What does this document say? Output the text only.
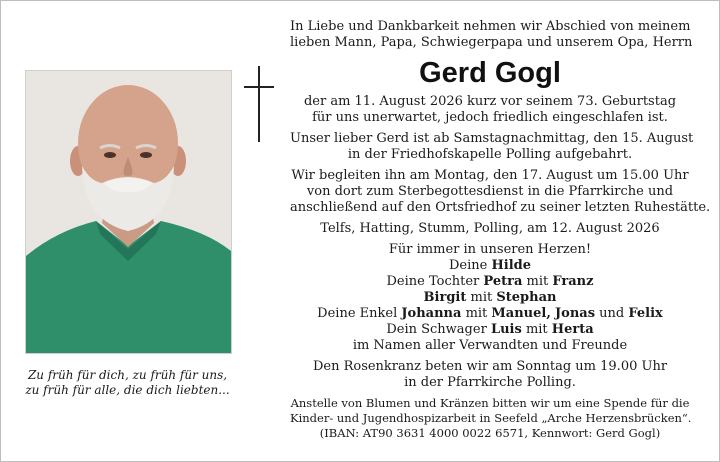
Zu früh für dich, zu früh für uns,
zu früh für alle, die dich liebten...
In Liebe und Dankbarkeit nehmen wir Abschied von meinem
lieben Mann, Papa, Schwiegerpapa und unserem Opa, Herrn
Gerd Gogl
der am 11. August 2026 kurz vor seinem 73. Geburtstag
für uns unerwartet, jedoch friedlich eingeschlafen ist.
Unser lieber Gerd ist ab Samstagnachmittag, den 15. August
in der Friedhofskapelle Polling aufgebahrt.
Wir begleiten ihn am Montag, den 17. August um 15.00 Uhr
von dort zum Sterbegottesdienst in die Pfarrkirche und
anschließend auf den Ortsfriedhof zu seiner letzten Ruhestätte.
Telfs, Hatting, Stumm, Polling, am 12. August 2026
Für immer in unseren Herzen!
Deine Hilde
Deine Tochter Petra mit Franz
Birgit mit Stephan
Deine Enkel Johanna mit Manuel, Jonas und Felix
Dein Schwager Luis mit Herta
im Namen aller Verwandten und Freunde
Den Rosenkranz beten wir am Sonntag um 19.00 Uhr
in der Pfarrkirche Polling.
Anstelle von Blumen und Kränzen bitten wir um eine Spende für die
Kinder- und Jugendhospizarbeit in Seefeld „Arche Herzensbrücken“.
(IBAN: AT90 3631 4000 0022 6571, Kennwort: Gerd Gogl)
